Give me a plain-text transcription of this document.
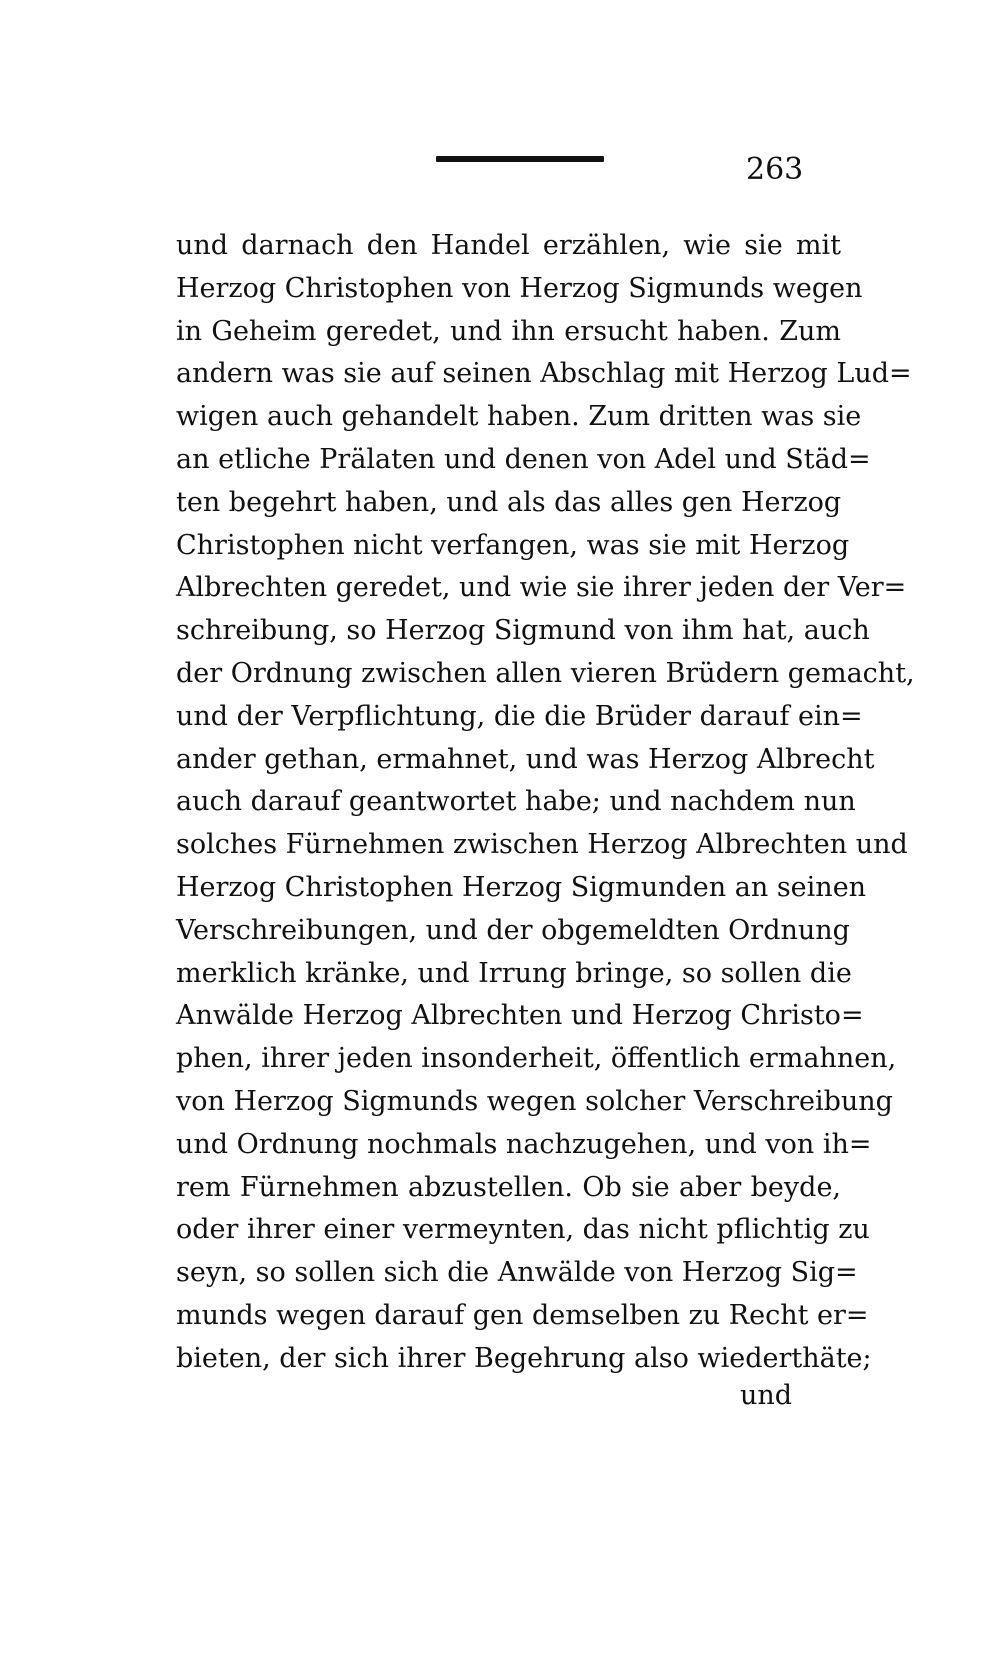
263
und darnach den Handel erzählen, wie sie mit
Herzog Christophen von Herzog Sigmunds wegen
in Geheim geredet, und ihn ersucht haben. Zum
andern was sie auf seinen Abschlag mit Herzog Lud=
wigen auch gehandelt haben. Zum dritten was sie
an etliche Prälaten und denen von Adel und Städ=
ten begehrt haben, und als das alles gen Herzog
Christophen nicht verfangen, was sie mit Herzog
Albrechten geredet, und wie sie ihrer jeden der Ver=
schreibung, so Herzog Sigmund von ihm hat, auch
der Ordnung zwischen allen vieren Brüdern gemacht,
und der Verpflichtung, die die Brüder darauf ein=
ander gethan, ermahnet, und was Herzog Albrecht
auch darauf geantwortet habe; und nachdem nun
solches Fürnehmen zwischen Herzog Albrechten und
Herzog Christophen Herzog Sigmunden an seinen
Verschreibungen, und der obgemeldten Ordnung
merklich kränke, und Irrung bringe, so sollen die
Anwälde Herzog Albrechten und Herzog Christo=
phen, ihrer jeden insonderheit, öffentlich ermahnen,
von Herzog Sigmunds wegen solcher Verschreibung
und Ordnung nochmals nachzugehen, und von ih=
rem Fürnehmen abzustellen. Ob sie aber beyde,
oder ihrer einer vermeynten, das nicht pflichtig zu
seyn, so sollen sich die Anwälde von Herzog Sig=
munds wegen darauf gen demselben zu Recht er=
bieten, der sich ihrer Begehrung also wiederthäte;
und
